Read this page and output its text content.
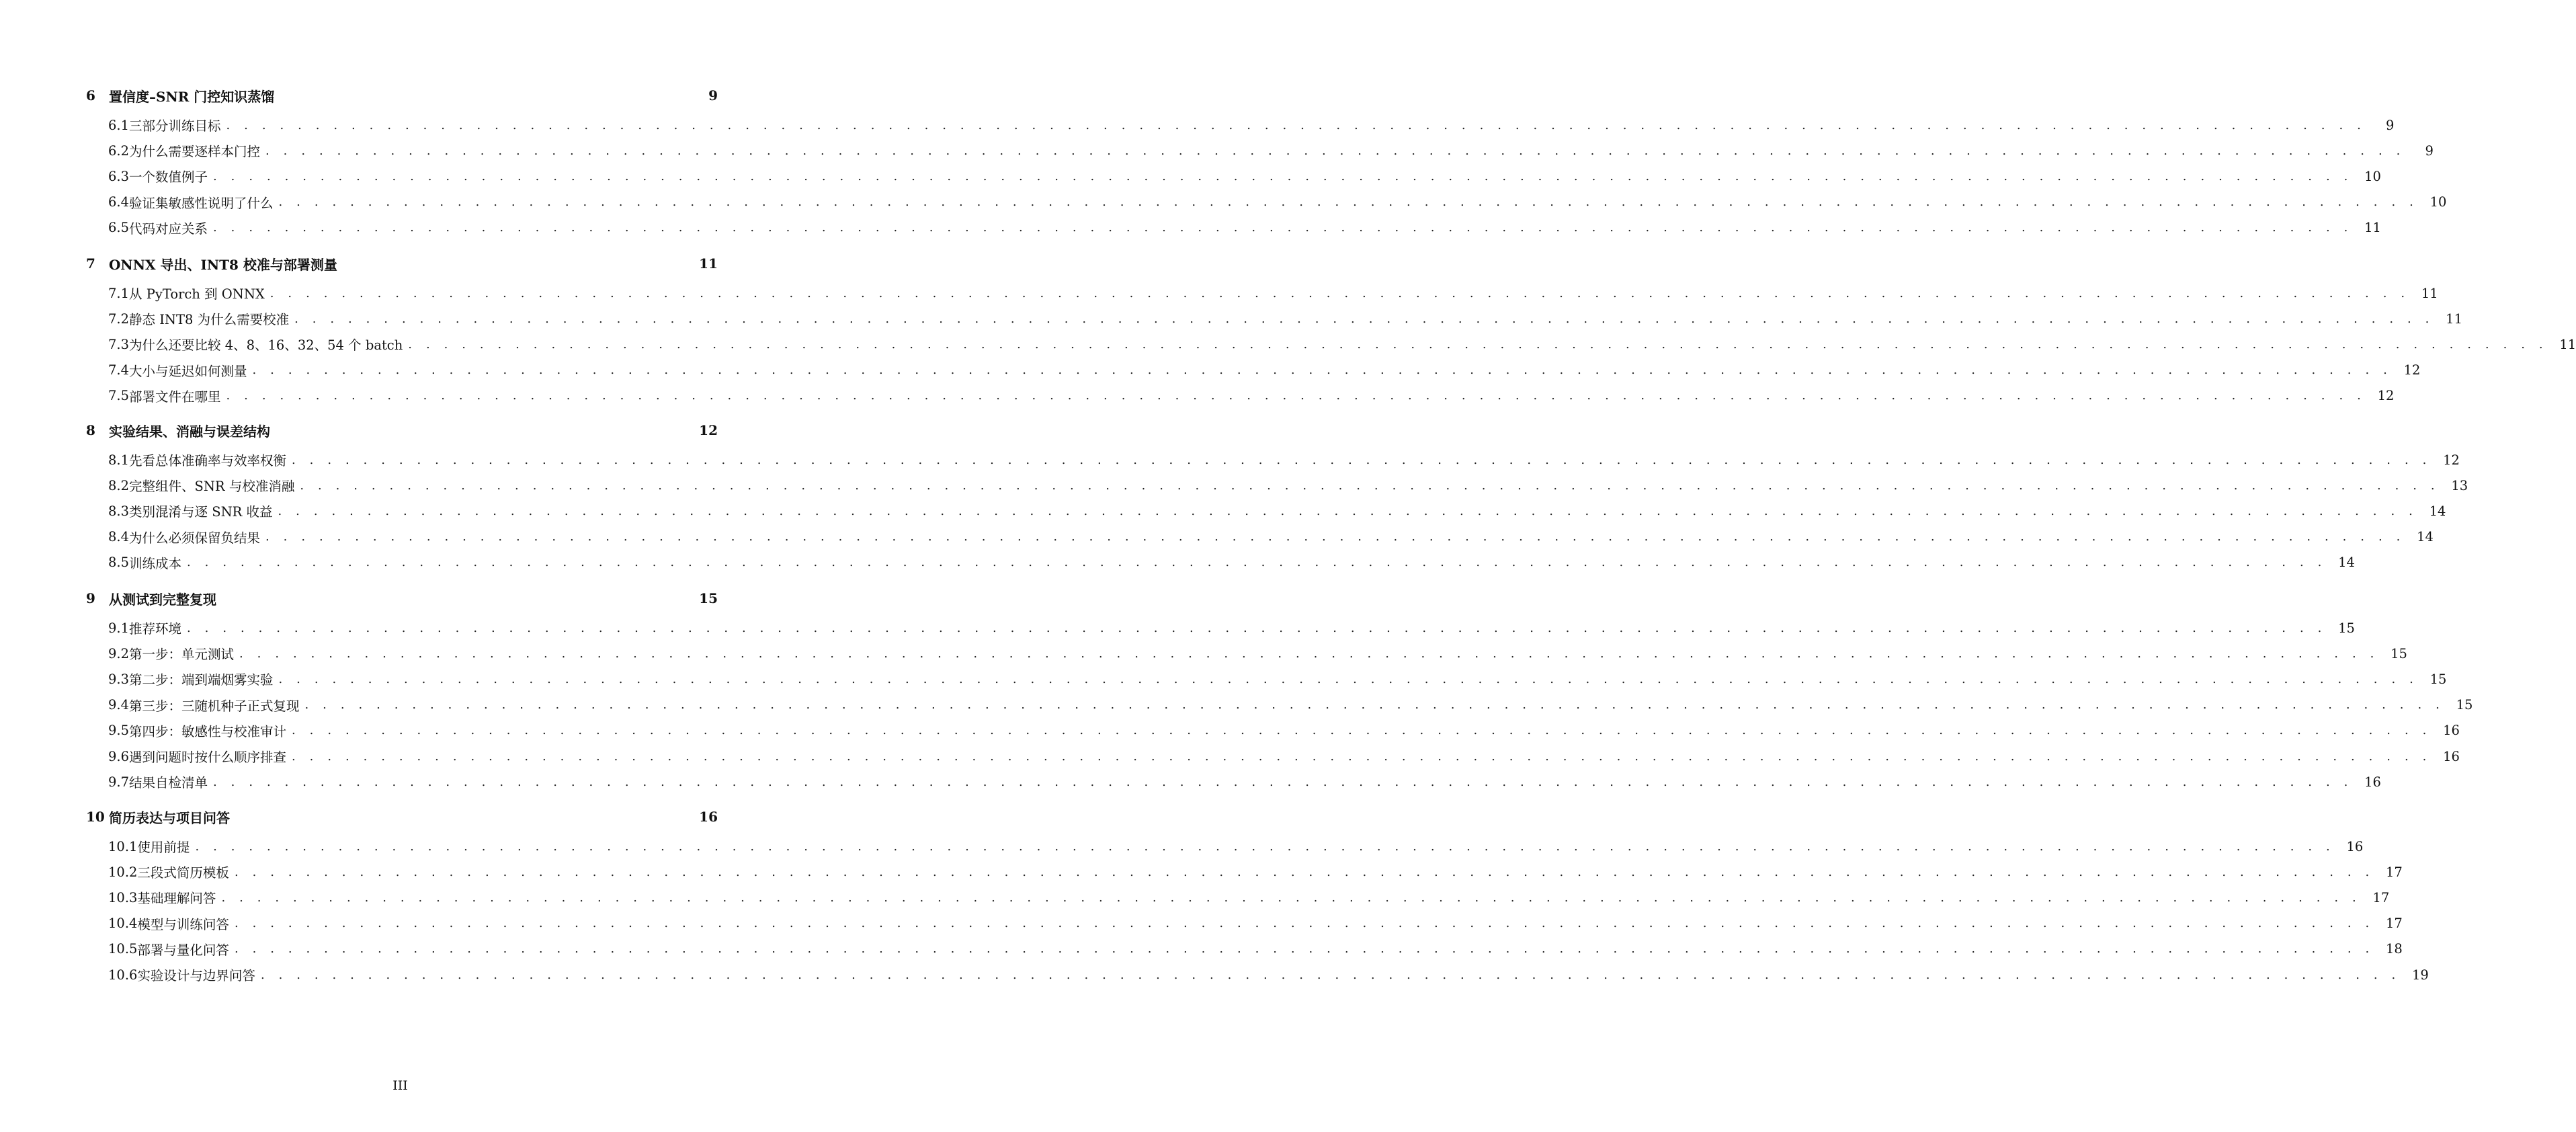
6	置信度–SNR 门控知识蒸馏	9
6.1 三部分训练目标 . . . . . . . . . . . . . . . . . . . . . . . . . . . . . . . . . . . . . . . . . . . . . . . . . . . . . . . . . . . . . . . . . . . . . . . . . . . . . . . . . . . . . . . . . . . . . . . . . . . . . . . . . . . . . . . . . . . . . . . .	9
6.2 为什么需要逐样本门控 . . . . . . . . . . . . . . . . . . . . . . . . . . . . . . . . . . . . . . . . . . . . . . . . . . . . . . . . . . . . . . . . . . . . . . . . . . . . . . . . . . . . . . . . . . . . . . . . . . . . . . . . . . . . . . . . . . . . . . . .	9
6.3 一个数值例子 . . . . . . . . . . . . . . . . . . . . . . . . . . . . . . . . . . . . . . . . . . . . . . . . . . . . . . . . . . . . . . . . . . . . . . . . . . . . . . . . . . . . . . . . . . . . . . . . . . . . . . . . . . . . . . . . . . . . . . . . 10
6.4 验证集敏感性说明了什么 . . . . . . . . . . . . . . . . . . . . . . . . . . . . . . . . . . . . . . . . . . . . . . . . . . . . . . . . . . . . . . . . . . . . . . . . . . . . . . . . . . . . . . . . . . . . . . . . . . . . . . . . . . . . . . . . . . . . . . . . 10
6.5 代码对应关系 . . . . . . . . . . . . . . . . . . . . . . . . . . . . . . . . . . . . . . . . . . . . . . . . . . . . . . . . . . . . . . . . . . . . . . . . . . . . . . . . . . . . . . . . . . . . . . . . . . . . . . . . . . . . . . . . . . . . . . . . 11
7	ONNX 导出、INT8 校准与部署测量	11
7.1 从 PyTorch 到 ONNX . . . . . . . . . . . . . . . . . . . . . . . . . . . . . . . . . . . . . . . . . . . . . . . . . . . . . . . . . . . . . . . . . . . . . . . . . . . . . . . . . . . . . . . . . . . . . . . . . . . . . . . . . . . . . . . . . . . . . . . . 11
7.2 静态 INT8 为什么需要校准 . . . . . . . . . . . . . . . . . . . . . . . . . . . . . . . . . . . . . . . . . . . . . . . . . . . . . . . . . . . . . . . . . . . . . . . . . . . . . . . . . . . . . . . . . . . . . . . . . . . . . . . . . . . . . . . . . . . . . . . . 11
7.3 为什么还要比较 4、8、16、32、54 个 batch . . . . . . . . . . . . . . . . . . . . . . . . . . . . . . . . . . . . . . . . . . . . . . . . . . . . . . . . . . . . . . . . . . . . . . . . . . . . . . . . . . . . . . . . . . . . . . . . . . . . . . . . . . . . . . . . . . . . . . . . 11
7.4 大小与延迟如何测量 . . . . . . . . . . . . . . . . . . . . . . . . . . . . . . . . . . . . . . . . . . . . . . . . . . . . . . . . . . . . . . . . . . . . . . . . . . . . . . . . . . . . . . . . . . . . . . . . . . . . . . . . . . . . . . . . . . . . . . . . 12
7.5 部署文件在哪里 . . . . . . . . . . . . . . . . . . . . . . . . . . . . . . . . . . . . . . . . . . . . . . . . . . . . . . . . . . . . . . . . . . . . . . . . . . . . . . . . . . . . . . . . . . . . . . . . . . . . . . . . . . . . . . . . . . . . . . . . 12
8	实验结果、消融与误差结构	12
8.1 先看总体准确率与效率权衡 . . . . . . . . . . . . . . . . . . . . . . . . . . . . . . . . . . . . . . . . . . . . . . . . . . . . . . . . . . . . . . . . . . . . . . . . . . . . . . . . . . . . . . . . . . . . . . . . . . . . . . . . . . . . . . . . . . . . . . . . 12
8.2 完整组件、SNR 与校准消融 . . . . . . . . . . . . . . . . . . . . . . . . . . . . . . . . . . . . . . . . . . . . . . . . . . . . . . . . . . . . . . . . . . . . . . . . . . . . . . . . . . . . . . . . . . . . . . . . . . . . . . . . . . . . . . . . . . . . . . . . 13
8.3 类别混淆与逐 SNR 收益 . . . . . . . . . . . . . . . . . . . . . . . . . . . . . . . . . . . . . . . . . . . . . . . . . . . . . . . . . . . . . . . . . . . . . . . . . . . . . . . . . . . . . . . . . . . . . . . . . . . . . . . . . . . . . . . . . . . . . . . . 14
8.4 为什么必须保留负结果 . . . . . . . . . . . . . . . . . . . . . . . . . . . . . . . . . . . . . . . . . . . . . . . . . . . . . . . . . . . . . . . . . . . . . . . . . . . . . . . . . . . . . . . . . . . . . . . . . . . . . . . . . . . . . . . . . . . . . . . . 14
8.5 训练成本 . . . . . . . . . . . . . . . . . . . . . . . . . . . . . . . . . . . . . . . . . . . . . . . . . . . . . . . . . . . . . . . . . . . . . . . . . . . . . . . . . . . . . . . . . . . . . . . . . . . . . . . . . . . . . . . . . . . . . . . . 14
9	从测试到完整复现	15
9.1 推荐环境 . . . . . . . . . . . . . . . . . . . . . . . . . . . . . . . . . . . . . . . . . . . . . . . . . . . . . . . . . . . . . . . . . . . . . . . . . . . . . . . . . . . . . . . . . . . . . . . . . . . . . . . . . . . . . . . . . . . . . . . . 15
9.2 第一步：单元测试 . . . . . . . . . . . . . . . . . . . . . . . . . . . . . . . . . . . . . . . . . . . . . . . . . . . . . . . . . . . . . . . . . . . . . . . . . . . . . . . . . . . . . . . . . . . . . . . . . . . . . . . . . . . . . . . . . . . . . . . . 15
9.3 第二步：端到端烟雾实验 . . . . . . . . . . . . . . . . . . . . . . . . . . . . . . . . . . . . . . . . . . . . . . . . . . . . . . . . . . . . . . . . . . . . . . . . . . . . . . . . . . . . . . . . . . . . . . . . . . . . . . . . . . . . . . . . . . . . . . . . 15
9.4 第三步：三随机种子正式复现 . . . . . . . . . . . . . . . . . . . . . . . . . . . . . . . . . . . . . . . . . . . . . . . . . . . . . . . . . . . . . . . . . . . . . . . . . . . . . . . . . . . . . . . . . . . . . . . . . . . . . . . . . . . . . . . . . . . . . . . . 15
9.5 第四步：敏感性与校准审计 . . . . . . . . . . . . . . . . . . . . . . . . . . . . . . . . . . . . . . . . . . . . . . . . . . . . . . . . . . . . . . . . . . . . . . . . . . . . . . . . . . . . . . . . . . . . . . . . . . . . . . . . . . . . . . . . . . . . . . . . 16
9.6 遇到问题时按什么顺序排查 . . . . . . . . . . . . . . . . . . . . . . . . . . . . . . . . . . . . . . . . . . . . . . . . . . . . . . . . . . . . . . . . . . . . . . . . . . . . . . . . . . . . . . . . . . . . . . . . . . . . . . . . . . . . . . . . . . . . . . . . 16
9.7 结果自检清单 . . . . . . . . . . . . . . . . . . . . . . . . . . . . . . . . . . . . . . . . . . . . . . . . . . . . . . . . . . . . . . . . . . . . . . . . . . . . . . . . . . . . . . . . . . . . . . . . . . . . . . . . . . . . . . . . . . . . . . . . 16
10 简历表达与项目问答	16
10.1 使用前提 . . . . . . . . . . . . . . . . . . . . . . . . . . . . . . . . . . . . . . . . . . . . . . . . . . . . . . . . . . . . . . . . . . . . . . . . . . . . . . . . . . . . . . . . . . . . . . . . . . . . . . . . . . . . . . . . . . . . . . . . 16
10.2 三段式简历模板 . . . . . . . . . . . . . . . . . . . . . . . . . . . . . . . . . . . . . . . . . . . . . . . . . . . . . . . . . . . . . . . . . . . . . . . . . . . . . . . . . . . . . . . . . . . . . . . . . . . . . . . . . . . . . . . . . . . . . . . . 17
10.3 基础理解问答 . . . . . . . . . . . . . . . . . . . . . . . . . . . . . . . . . . . . . . . . . . . . . . . . . . . . . . . . . . . . . . . . . . . . . . . . . . . . . . . . . . . . . . . . . . . . . . . . . . . . . . . . . . . . . . . . . . . . . . . . 17
10.4 模型与训练问答 . . . . . . . . . . . . . . . . . . . . . . . . . . . . . . . . . . . . . . . . . . . . . . . . . . . . . . . . . . . . . . . . . . . . . . . . . . . . . . . . . . . . . . . . . . . . . . . . . . . . . . . . . . . . . . . . . . . . . . . . 17
10.5 部署与量化问答 . . . . . . . . . . . . . . . . . . . . . . . . . . . . . . . . . . . . . . . . . . . . . . . . . . . . . . . . . . . . . . . . . . . . . . . . . . . . . . . . . . . . . . . . . . . . . . . . . . . . . . . . . . . . . . . . . . . . . . . . 18
10.6 实验设计与边界问答 . . . . . . . . . . . . . . . . . . . . . . . . . . . . . . . . . . . . . . . . . . . . . . . . . . . . . . . . . . . . . . . . . . . . . . . . . . . . . . . . . . . . . . . . . . . . . . . . . . . . . . . . . . . . . . . . . . . . . . . . 19
III
